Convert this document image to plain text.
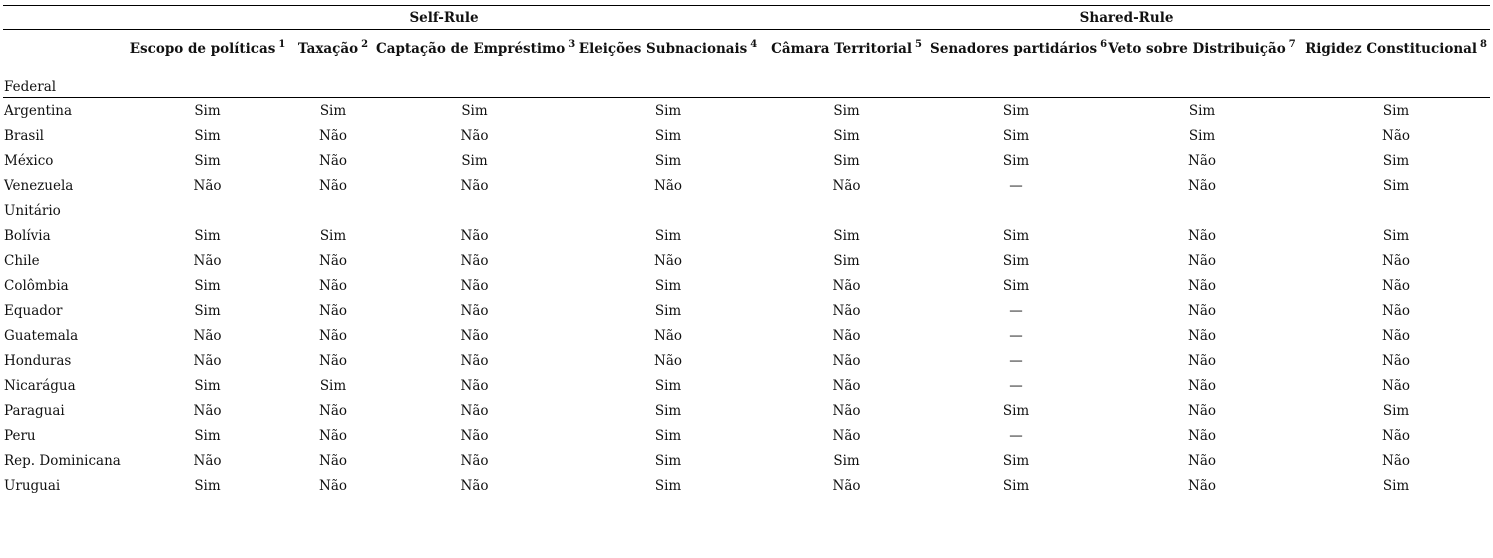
	Self-Rule				Shared-Rule			
Federal	Escopo de políticas $^1$	Taxação $^2$	Captação de Empréstimo $^3$	Eleições Subnacionais $^4$	Câmara Territorial $^5$	Senadores partidários $^6$	Veto sobre Distribuição $^7$	Rigidez Constitucional $^8$
Argentina	Sim	Sim	Sim	Sim	Sim	Sim	Sim	Sim
Brasil	Sim	Não	Não	Sim	Sim	Sim	Sim	Não
México	Sim	Não	Sim	Sim	Sim	Sim	Não	Sim
Venezuela	Não	Não	Não	Não	Não	—	Não	Sim
Unitário								
Bolívia	Sim	Sim	Não	Sim	Sim	Sim	Não	Sim
Chile	Não	Não	Não	Não	Sim	Sim	Não	Não
Colômbia	Sim	Não	Não	Sim	Não	Sim	Não	Não
Equador	Sim	Não	Não	Sim	Não	—	Não	Não
Guatemala	Não	Não	Não	Não	Não	—	Não	Não
Honduras	Não	Não	Não	Não	Não	—	Não	Não
Nicarágua	Sim	Sim	Não	Sim	Não	—	Não	Não
Paraguai	Não	Não	Não	Sim	Não	Sim	Não	Sim
Peru	Sim	Não	Não	Sim	Não	—	Não	Não
Rep. Dominicana	Não	Não	Não	Sim	Sim	Sim	Não	Não
Uruguai	Sim	Não	Não	Sim	Não	Sim	Não	Sim
